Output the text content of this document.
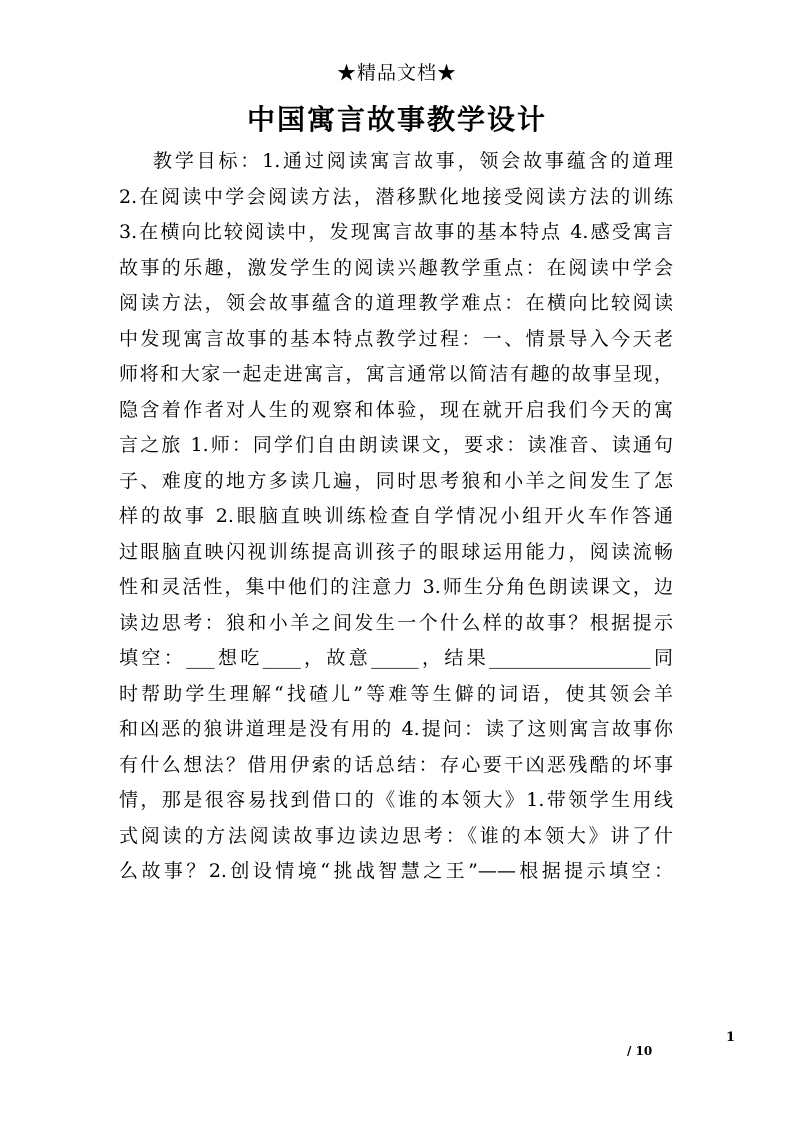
★精品文档★
中国寓言故事教学设计
教学目标：1.通过阅读寓言故事，领会故事蕴含的道理
2.在阅读中学会阅读方法，潜移默化地接受阅读方法的训练
3.在横向比较阅读中，发现寓言故事的基本特点 4.感受寓言
故事的乐趣，激发学生的阅读兴趣教学重点：在阅读中学会
阅读方法，领会故事蕴含的道理教学难点：在横向比较阅读
中发现寓言故事的基本特点教学过程：一、情景导入今天老
师将和大家一起走进寓言，寓言通常以简洁有趣的故事呈现，
隐含着作者对人生的观察和体验，现在就开启我们今天的寓
言之旅 1.师：同学们自由朗读课文，要求：读准音、读通句
子、难度的地方多读几遍，同时思考狼和小羊之间发生了怎
样的故事 2.眼脑直映训练检查自学情况小组开火车作答通
过眼脑直映闪视训练提高训孩子的眼球运用能力，阅读流畅
性和灵活性，集中他们的注意力 3.师生分角色朗读课文，边
读边思考：狼和小羊之间发生一个什么样的故事？根据提示
填空：___想吃____，故意_____，结果_________________同
时帮助学生理解“找碴儿”等难等生僻的词语，使其领会羊
和凶恶的狼讲道理是没有用的 4.提问：读了这则寓言故事你
有什么想法？借用伊索的话总结：存心要干凶恶残酷的坏事
情，那是很容易找到借口的《谁的本领大》1.带领学生用线
式阅读的方法阅读故事边读边思考：《谁的本领大》讲了什
么故事？2.创设情境“挑战智慧之王”——根据提示填空：
1
/ 10
